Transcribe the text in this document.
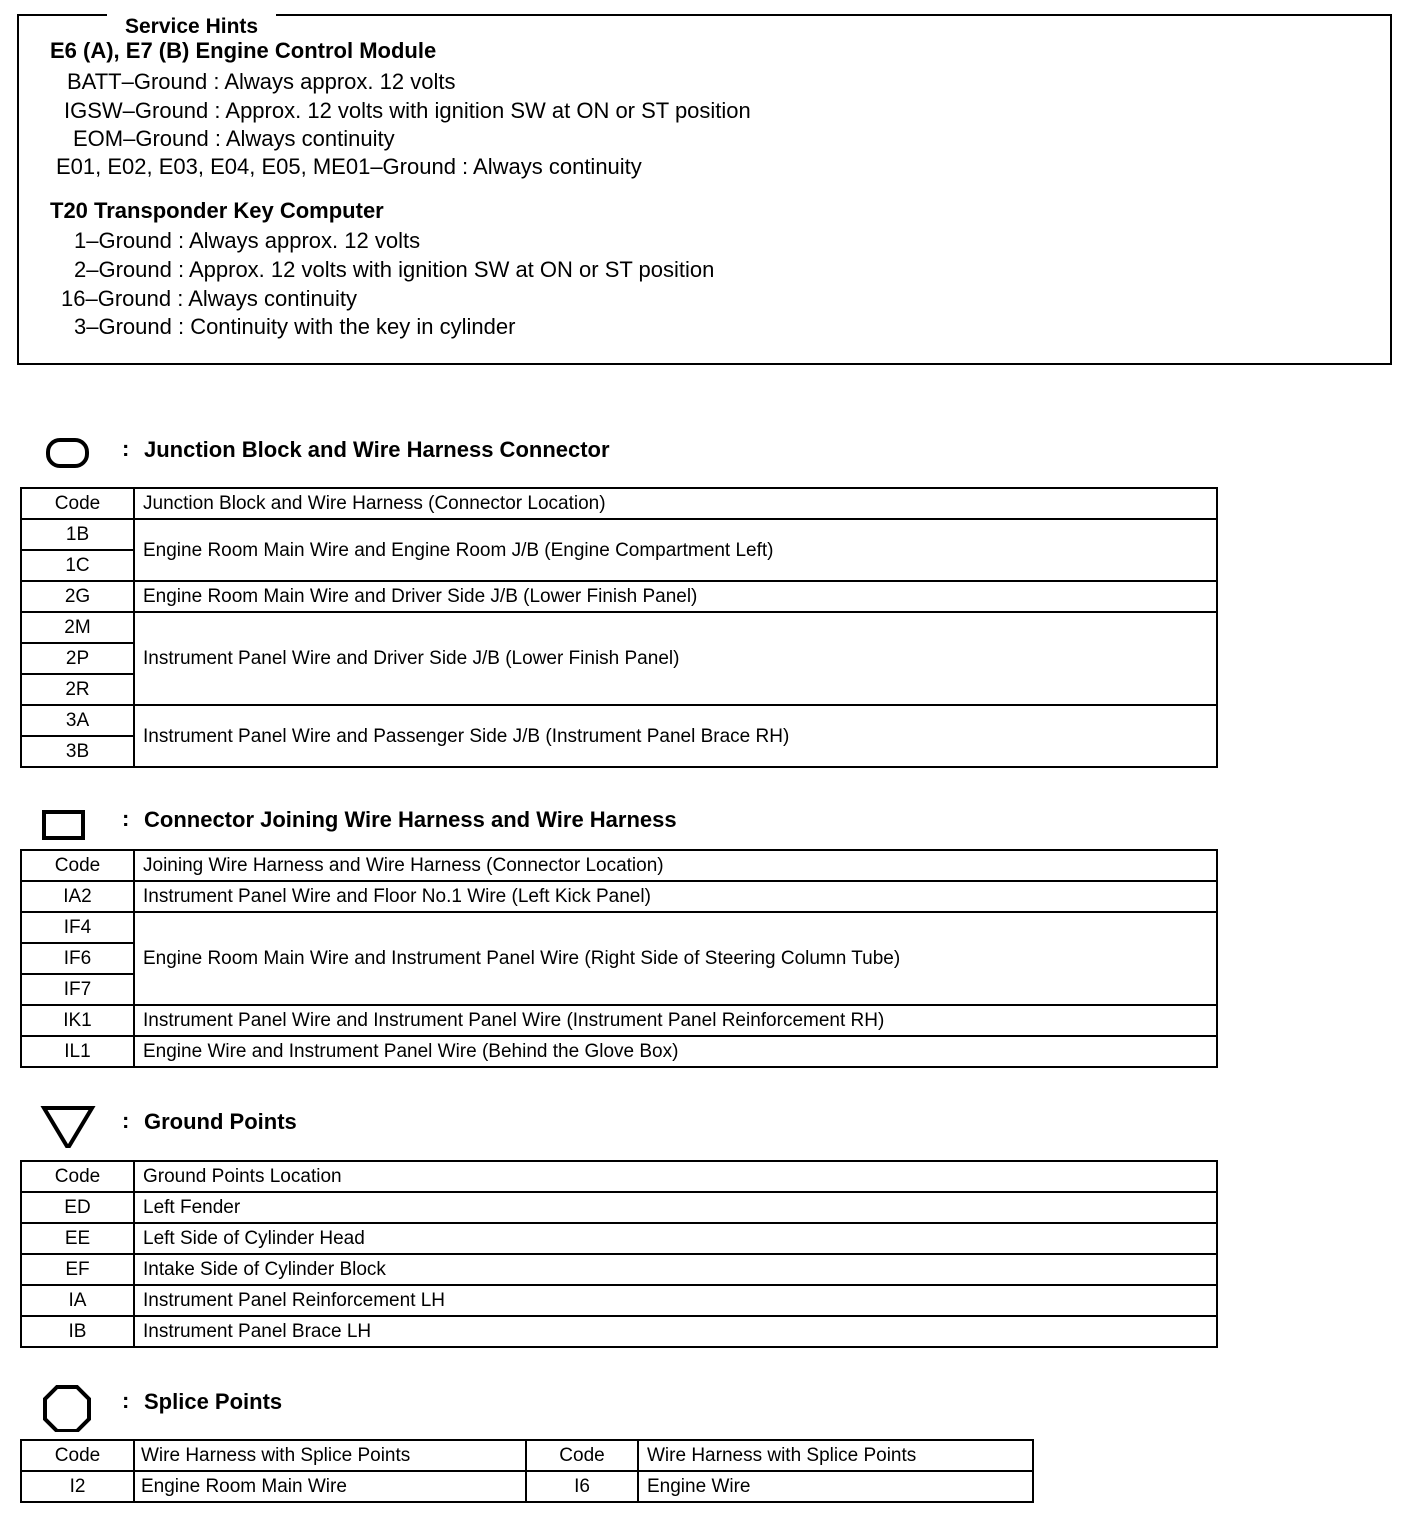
Service Hints
E6 (A), E7 (B) Engine Control Module
BATT–Ground : Always approx. 12 volts
IGSW–Ground : Approx. 12 volts with ignition SW at ON or ST position
EOM–Ground : Always continuity
E01, E02, E03, E04, E05, ME01–Ground : Always continuity
T20 Transponder Key Computer
1–Ground : Always approx. 12 volts
2–Ground : Approx. 12 volts with ignition SW at ON or ST position
16–Ground : Always continuity
3–Ground : Continuity with the key in cylinder
: Junction Block and Wire Harness Connector
Code	Junction Block and Wire Harness (Connector Location)
1B	Engine Room Main Wire and Engine Room J/B (Engine Compartment Left)
1C	
2G	Engine Room Main Wire and Driver Side J/B (Lower Finish Panel)
2M	Instrument Panel Wire and Driver Side J/B (Lower Finish Panel)
2P	
2R	
3A	Instrument Panel Wire and Passenger Side J/B (Instrument Panel Brace RH)
3B	
: Connector Joining Wire Harness and Wire Harness
Code	Joining Wire Harness and Wire Harness (Connector Location)
IA2	Instrument Panel Wire and Floor No.1 Wire (Left Kick Panel)
IF4	Engine Room Main Wire and Instrument Panel Wire (Right Side of Steering Column Tube)
IF6	
IF7	
IK1	Instrument Panel Wire and Instrument Panel Wire (Instrument Panel Reinforcement RH)
IL1	Engine Wire and Instrument Panel Wire (Behind the Glove Box)
: Ground Points
Code	Ground Points Location
ED	Left Fender
EE	Left Side of Cylinder Head
EF	Intake Side of Cylinder Block
IA	Instrument Panel Reinforcement LH
IB	Instrument Panel Brace LH
: Splice Points
Code	Wire Harness with Splice Points	Code	Wire Harness with Splice Points
I2	Engine Room Main Wire	I6	Engine Wire
